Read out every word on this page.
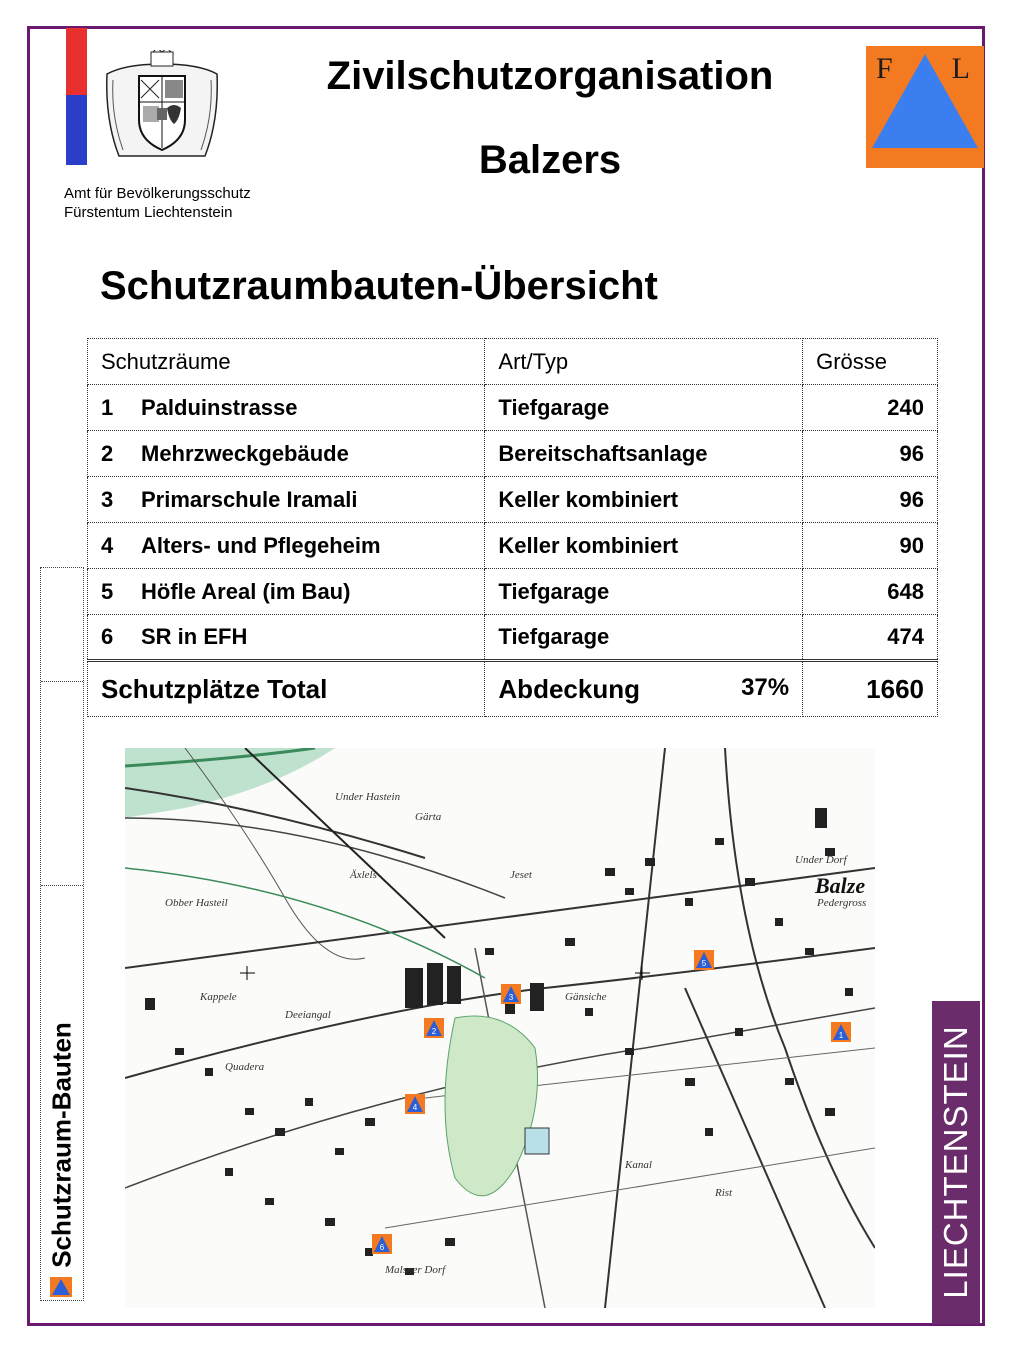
Zivilschutzorganisation
Balzers
Amt für Bevölkerungsschutz
Fürstentum Liechtenstein
F L
Schutzraumbauten-Übersicht
Schutzräume	Art/Typ	Grösse
1 Palduinstrasse	Tiefgarage	240
2 Mehrzweckgebäude	Bereitschaftsanlage	96
3 Primarschule Iramali	Keller kombiniert	96
4 Alters- und Pflegeheim	Keller kombiniert	90
5 Höfle Areal (im Bau)	Tiefgarage	648
6 SR in EFH	Tiefgarage	474
Schutzplätze Total	Abdeckung 37%	1660
Schutzraum-Bauten	LIECHTENSTEIN
Under Hastein
Gärta
Obber Hasteil
Äxlels	Jeset
Kappele
Deeiangal
Quadera
Gänsiche
Balze
Pedergross
Under Dorf
Rist
Malsner Dorf
Kanal
1
2
3
4
5
6
